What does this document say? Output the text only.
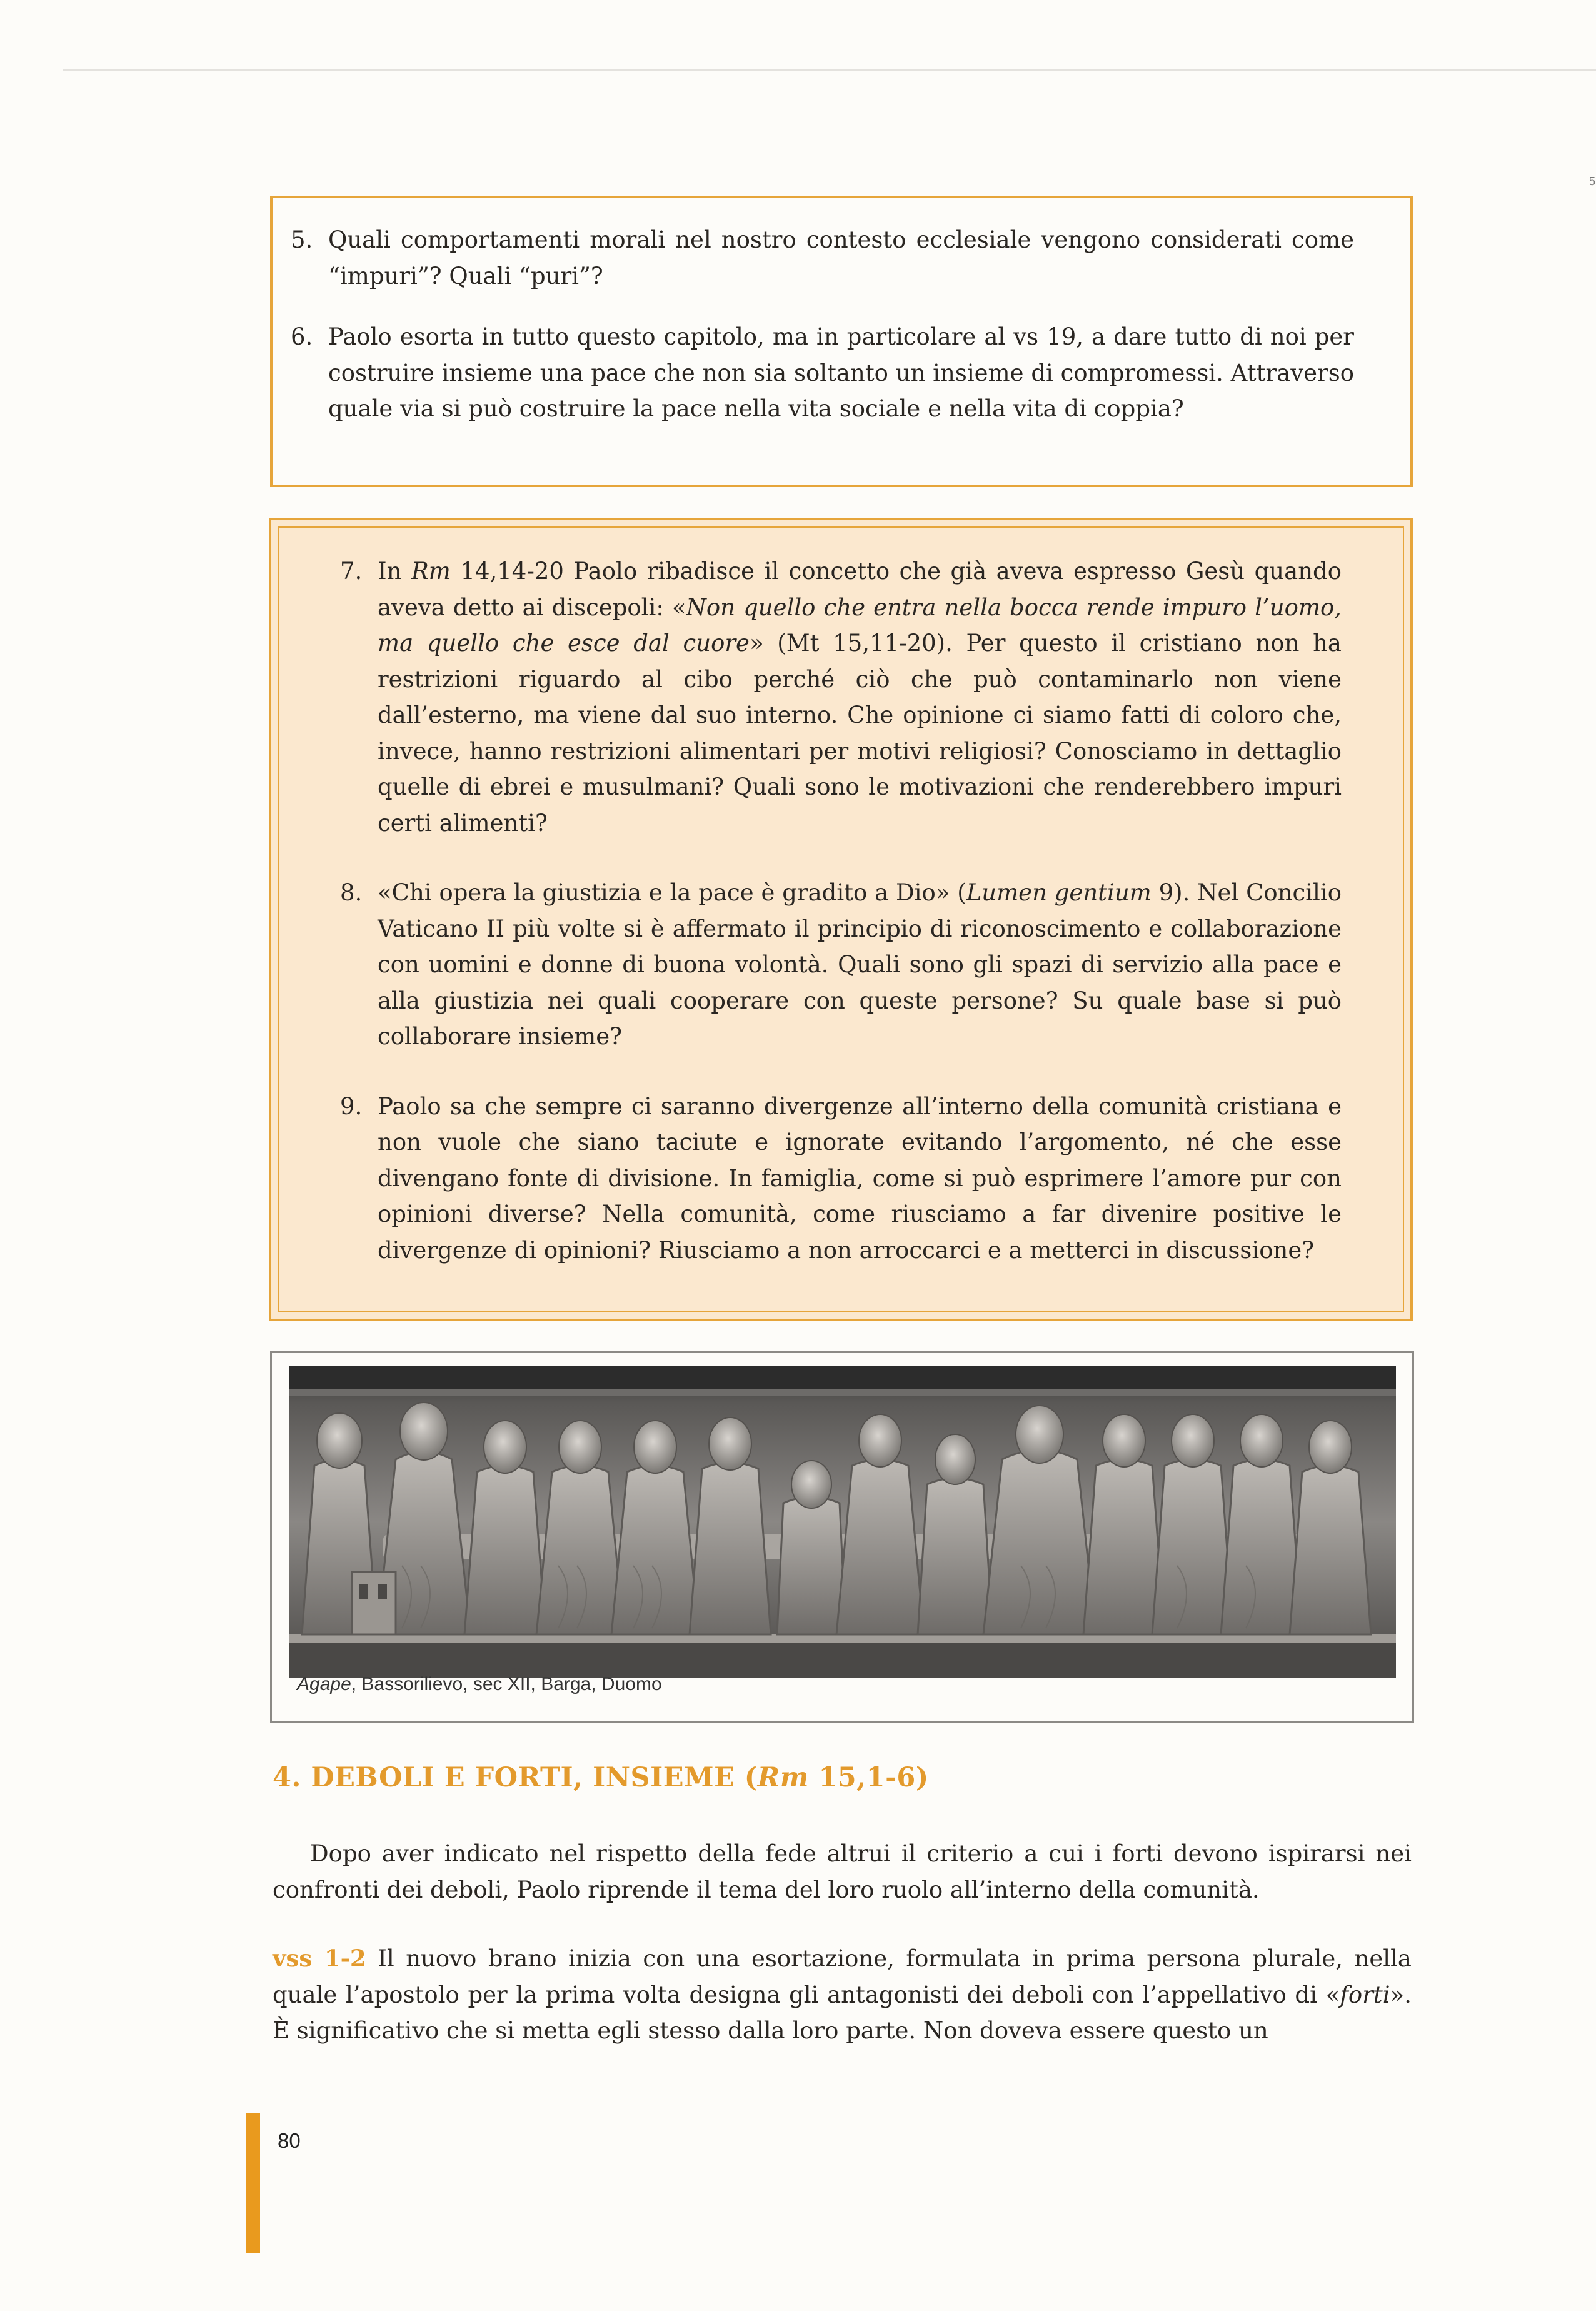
5
5. Quali comportamenti morali nel nostro contesto ecclesiale vengono considerati come “impuri”? Quali “puri”?
6. Paolo esorta in tutto questo capitolo, ma in particolare al vs 19, a dare tutto di noi per costruire insieme una pace che non sia soltanto un insieme di compromessi. Attraverso quale via si può costruire la pace nella vita sociale e nella vita di coppia?
7. In Rm 14,14-20 Paolo ribadisce il concetto che già aveva espresso Gesù quando aveva detto ai discepoli: «Non quello che entra nella bocca rende impuro l’uomo, ma quello che esce dal cuore» (Mt 15,11-20). Per questo il cristiano non ha restrizioni riguardo al cibo perché ciò che può contaminarlo non viene dall’esterno, ma viene dal suo interno. Che opinione ci siamo fatti di coloro che, invece, hanno restrizioni alimentari per motivi religiosi? Conosciamo in dettaglio quelle di ebrei e musulmani? Quali sono le motivazioni che renderebbero impuri certi alimenti?
8. «Chi opera la giustizia e la pace è gradito a Dio» (Lumen gentium 9). Nel Concilio Vaticano II più volte si è affermato il principio di riconoscimento e collaborazione con uomini e donne di buona volontà. Quali sono gli spazi di servizio alla pace e alla giustizia nei quali cooperare con queste persone? Su quale base si può collaborare insieme?
9. Paolo sa che sempre ci saranno divergenze all’interno della comunità cristiana e non vuole che siano taciute e ignorate evitando l’argomento, né che esse divengano fonte di divisione. In famiglia, come si può esprimere l’amore pur con opinioni diverse? Nella comunità, come riusciamo a far divenire positive le divergenze di opinioni? Riusciamo a non arroccarci e a metterci in discussione?
Agape, Bassorilievo, sec XII, Barga, Duomo
4. DEBOLI E FORTI, INSIEME (Rm 15,1-6)
Dopo aver indicato nel rispetto della fede altrui il criterio a cui i forti devono ispirarsi nei confronti dei deboli, Paolo riprende il tema del loro ruolo all’interno della comunità.
vss 1-2 Il nuovo brano inizia con una esortazione, formulata in prima persona plurale, nella quale l’apostolo per la prima volta designa gli antagonisti dei deboli con l’appellativo di «forti». È significativo che si metta egli stesso dalla loro parte. Non doveva essere questo un
80
